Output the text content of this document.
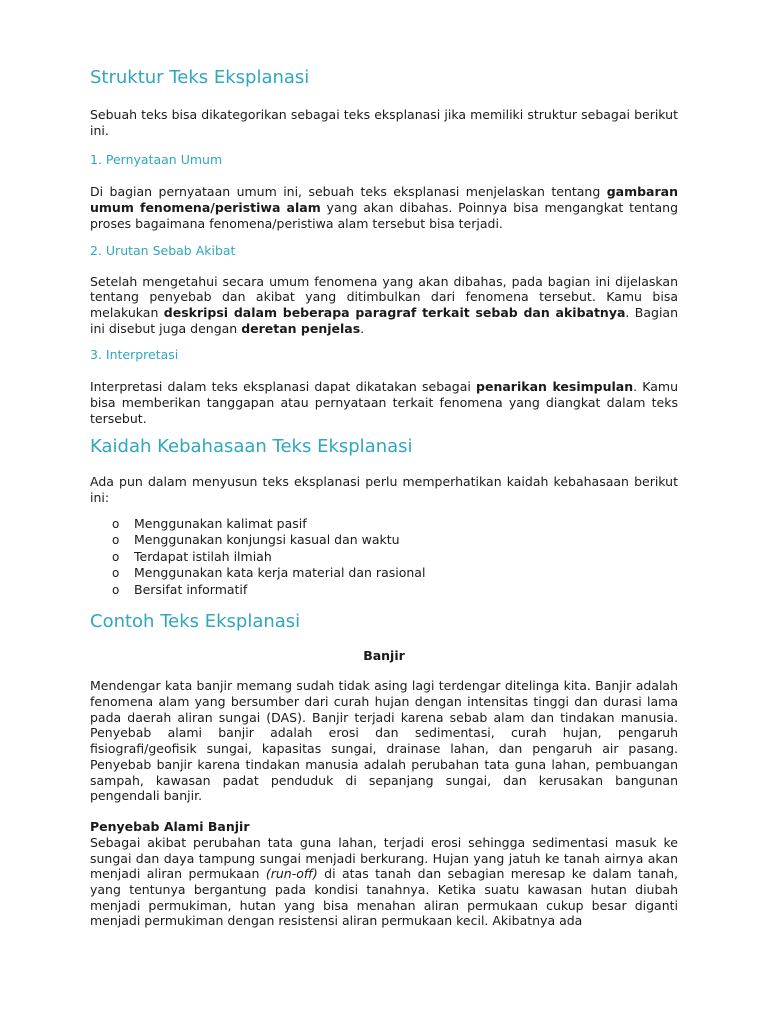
Struktur Teks Eksplanasi

Sebuah teks bisa dikategorikan sebagai teks eksplanasi jika memiliki struktur sebagai berikut ini.

1. Pernyataan Umum

Di bagian pernyataan umum ini, sebuah teks eksplanasi menjelaskan tentang gambaran umum fenomena/peristiwa alam yang akan dibahas. Poinnya bisa mengangkat tentang proses bagaimana fenomena/peristiwa alam tersebut bisa terjadi.

2. Urutan Sebab Akibat

Setelah mengetahui secara umum fenomena yang akan dibahas, pada bagian ini dijelaskan tentang penyebab dan akibat yang ditimbulkan dari fenomena tersebut. Kamu bisa melakukan deskripsi dalam beberapa paragraf terkait sebab dan akibatnya. Bagian ini disebut juga dengan deretan penjelas.

3. Interpretasi

Interpretasi dalam teks eksplanasi dapat dikatakan sebagai penarikan kesimpulan. Kamu bisa memberikan tanggapan atau pernyataan terkait fenomena yang diangkat dalam teks tersebut.

Kaidah Kebahasaan Teks Eksplanasi

Ada pun dalam menyusun teks eksplanasi perlu memperhatikan kaidah kebahasaan berikut ini:

o Menggunakan kalimat pasif
o Menggunakan konjungsi kasual dan waktu
o Terdapat istilah ilmiah
o Menggunakan kata kerja material dan rasional
o Bersifat informatif
Contoh Teks Eksplanasi
Banjir

Mendengar kata banjir memang sudah tidak asing lagi terdengar ditelinga kita. Banjir adalah fenomena alam yang bersumber dari curah hujan dengan intensitas tinggi dan durasi lama pada daerah aliran sungai (DAS). Banjir terjadi karena sebab alam dan tindakan manusia. Penyebab alami banjir adalah erosi dan sedimentasi, curah hujan, pengaruh fisiografi/geofisik sungai, kapasitas sungai, drainase lahan, dan pengaruh air pasang. Penyebab banjir karena tindakan manusia adalah perubahan tata guna lahan, pembuangan sampah, kawasan padat penduduk di sepanjang sungai, dan kerusakan bangunan pengendali banjir.

Penyebab Alami Banjir

Sebagai akibat perubahan tata guna lahan, terjadi erosi sehingga sedimentasi masuk ke sungai dan daya tampung sungai menjadi berkurang. Hujan yang jatuh ke tanah airnya akan menjadi aliran permukaan (run-off) di atas tanah dan sebagian meresap ke dalam tanah, yang tentunya bergantung pada kondisi tanahnya. Ketika suatu kawasan hutan diubah menjadi permukiman, hutan yang bisa menahan aliran permukaan cukup besar diganti menjadi permukiman dengan resistensi aliran permukaan kecil. Akibatnya ada
